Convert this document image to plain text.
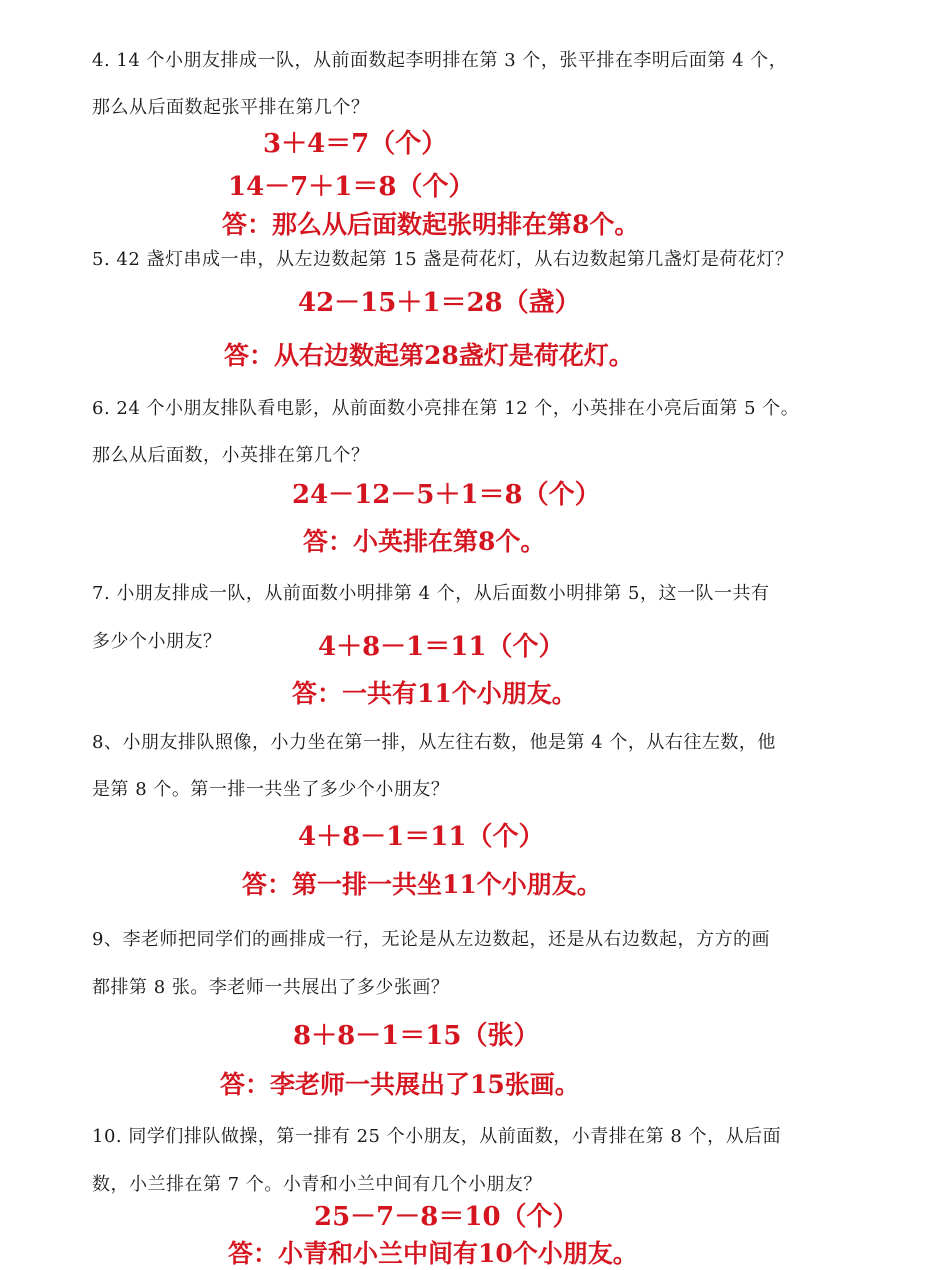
4. 14 个小朋友排成一队，从前面数起李明排在第 3 个，张平排在李明后面第 4 个，

那么从后面数起张平排在第几个？

3＋4＝7（个）

14－7＋1＝8（个）

答：那么从后面数起张明排在第8个。

5. 42 盏灯串成一串，从左边数起第 15 盏是荷花灯，从右边数起第几盏灯是荷花灯？

42－15＋1＝28（盏）

答：从右边数起第28盏灯是荷花灯。

6. 24 个小朋友排队看电影，从前面数小亮排在第 12 个，小英排在小亮后面第 5 个。

那么从后面数，小英排在第几个？

24－12－5＋1＝8（个）

答：小英排在第8个。

7. 小朋友排成一队，从前面数小明排第 4 个，从后面数小明排第 5，这一队一共有

多少个小朋友？	4＋8－1＝11（个）

答：一共有11个小朋友。

8、小朋友排队照像，小力坐在第一排，从左往右数，他是第 4 个，从右往左数，他

是第 8 个。第一排一共坐了多少个小朋友？

4＋8－1＝11（个）

答：第一排一共坐11个小朋友。

9、李老师把同学们的画排成一行，无论是从左边数起，还是从右边数起，方方的画

都排第 8 张。李老师一共展出了多少张画？

8＋8－1＝15（张）

答：李老师一共展出了15张画。

10. 同学们排队做操，第一排有 25 个小朋友，从前面数，小青排在第 8 个，从后面

数，小兰排在第 7 个。小青和小兰中间有几个小朋友？

25－7－8＝10（个）

答：小青和小兰中间有10个小朋友。
